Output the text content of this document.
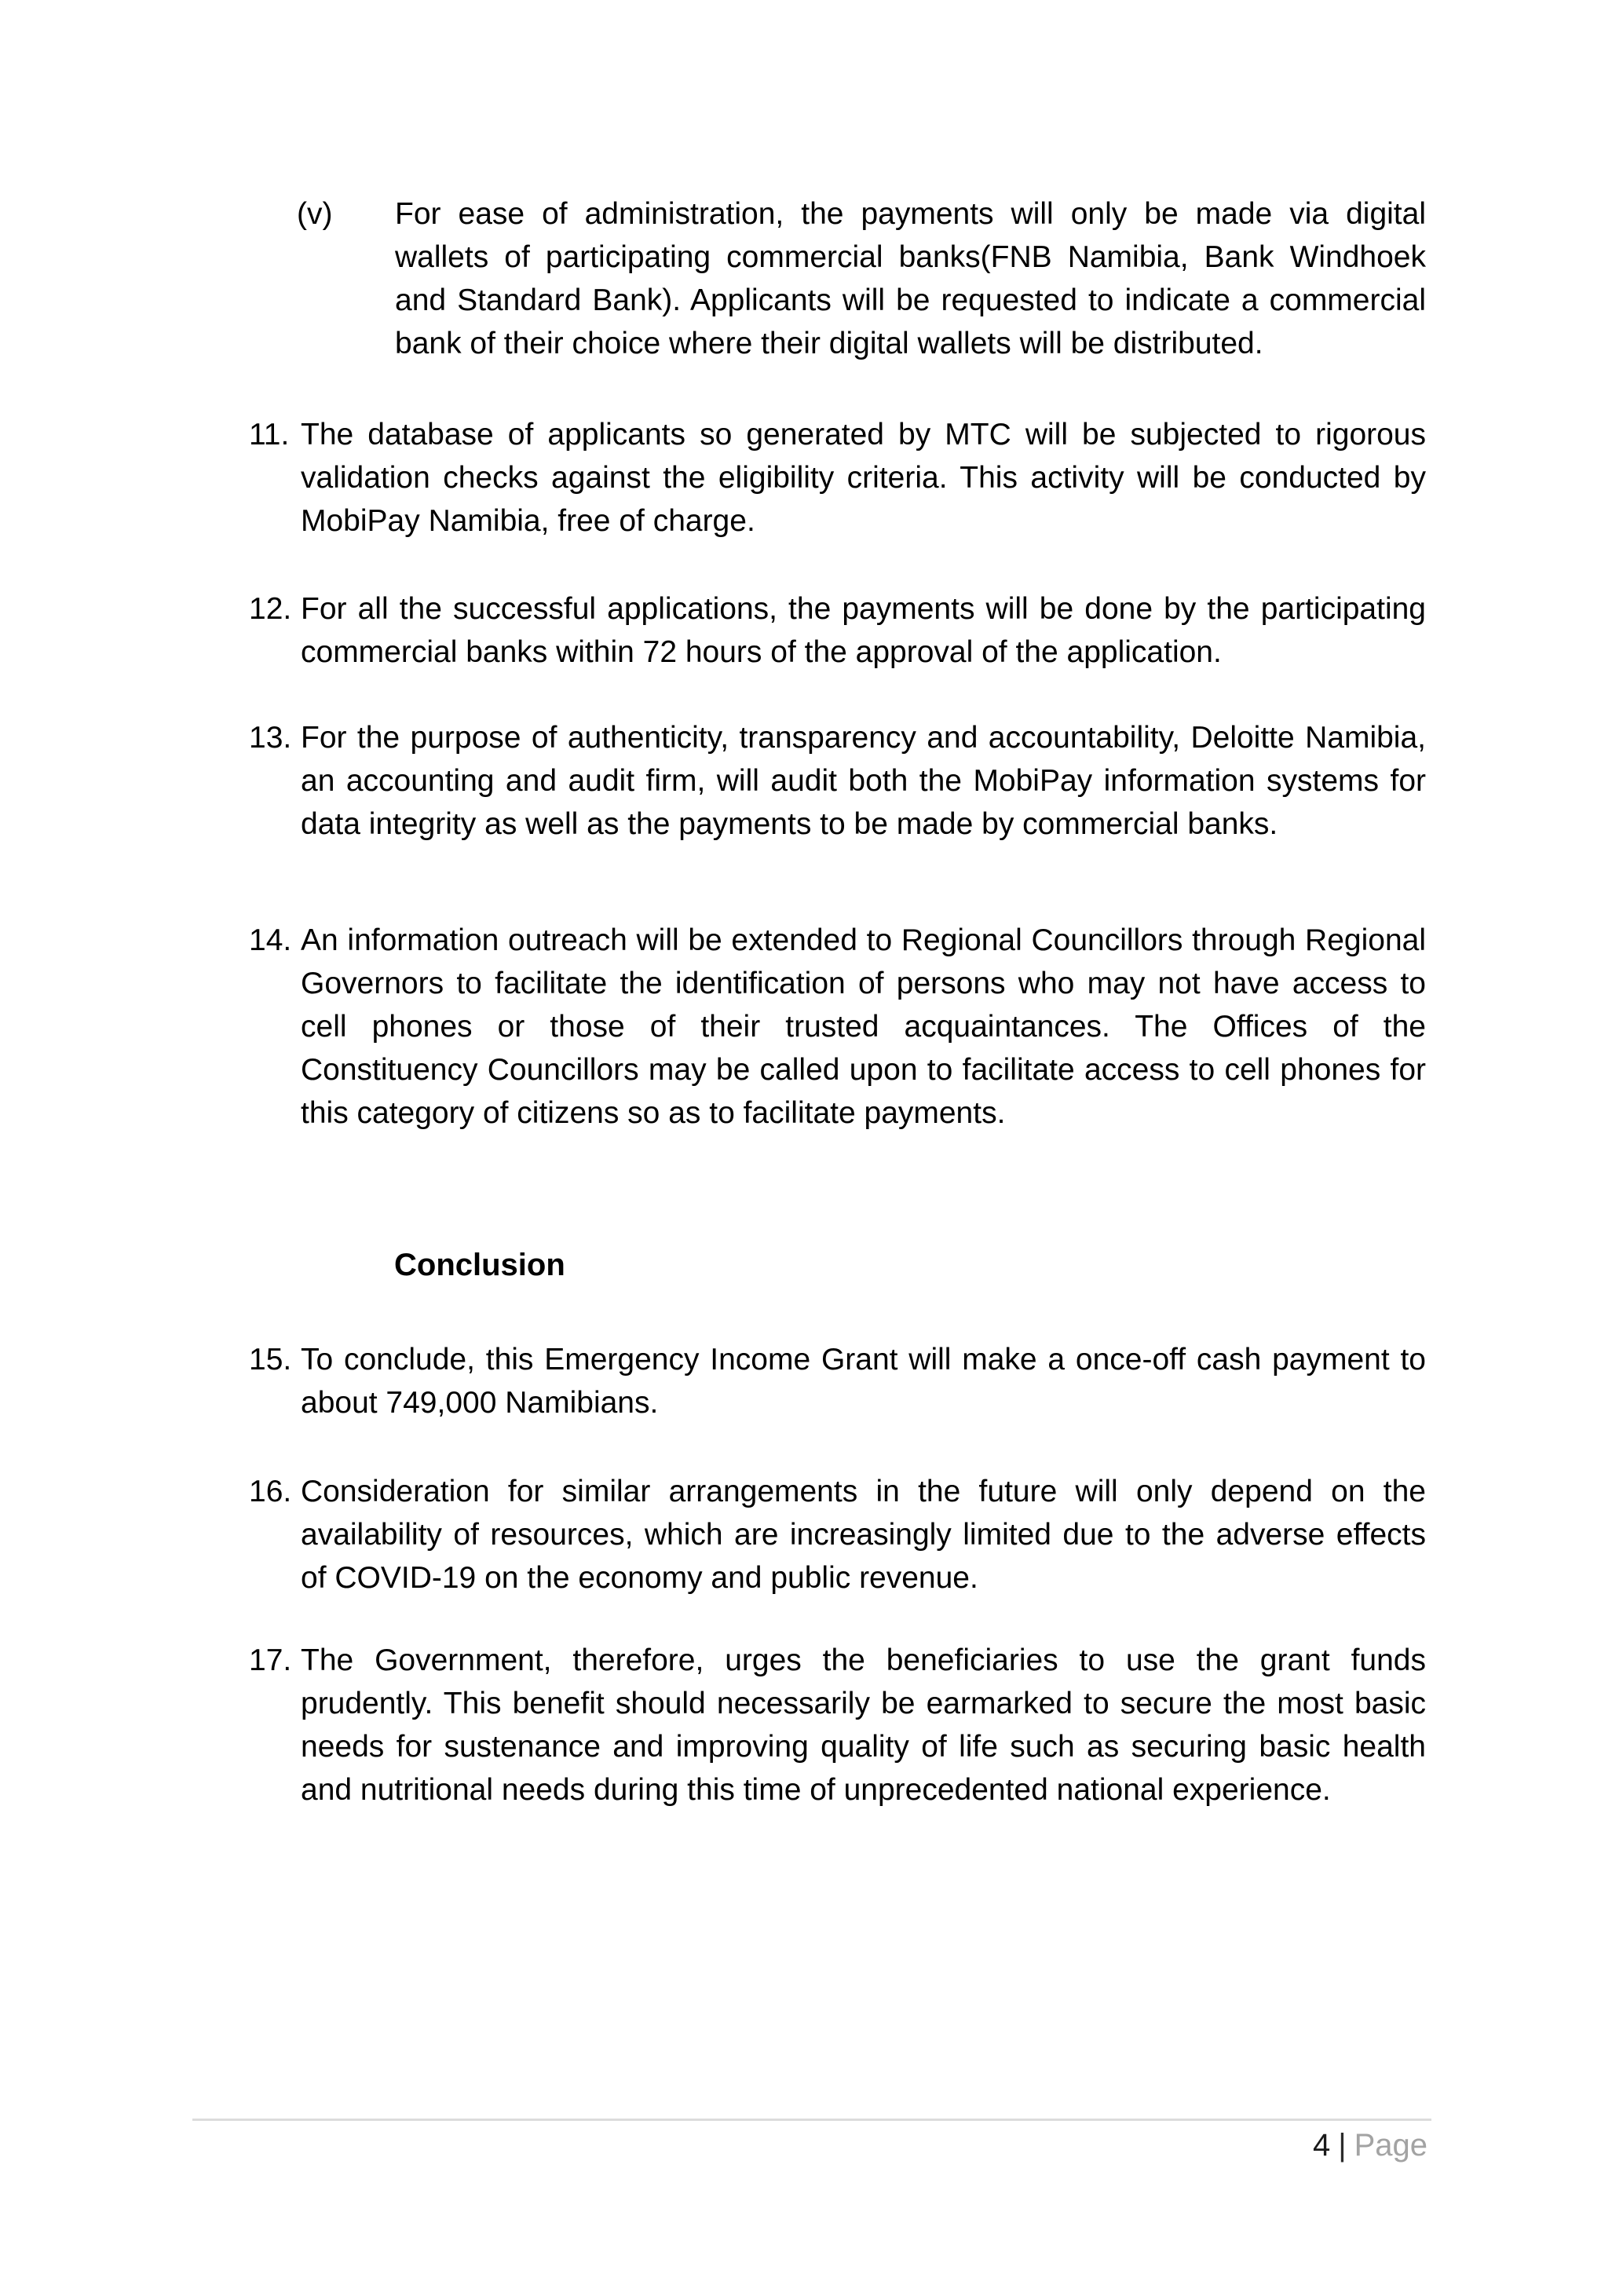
(v) For ease of administration, the payments will only be made via digital wallets of participating commercial banks(FNB Namibia, Bank Windhoek and Standard Bank). Applicants will be requested to indicate a commercial bank of their choice where their digital wallets will be distributed.
11. The database of applicants so generated by MTC will be subjected to rigorous validation checks against the eligibility criteria. This activity will be conducted by MobiPay Namibia, free of charge.
12. For all the successful applications, the payments will be done by the participating commercial banks within 72 hours of the approval of the application.
13. For the purpose of authenticity, transparency and accountability, Deloitte Namibia, an accounting and audit firm, will audit both the MobiPay information systems for data integrity as well as the payments to be made by commercial banks.
14. An information outreach will be extended to Regional Councillors through Regional Governors to facilitate the identification of persons who may not have access to cell phones or those of their trusted acquaintances. The Offices of the Constituency Councillors may be called upon to facilitate access to cell phones for this category of citizens so as to facilitate payments.
Conclusion
15. To conclude, this Emergency Income Grant will make a once-off cash payment to about 749,000 Namibians.
16. Consideration for similar arrangements in the future will only depend on the availability of resources, which are increasingly limited due to the adverse effects of COVID-19 on the economy and public revenue.
17. The Government, therefore, urges the beneficiaries to use the grant funds prudently. This benefit should necessarily be earmarked to secure the most basic needs for sustenance and improving quality of life such as securing basic health and nutritional needs during this time of unprecedented national experience.
4 | Page
